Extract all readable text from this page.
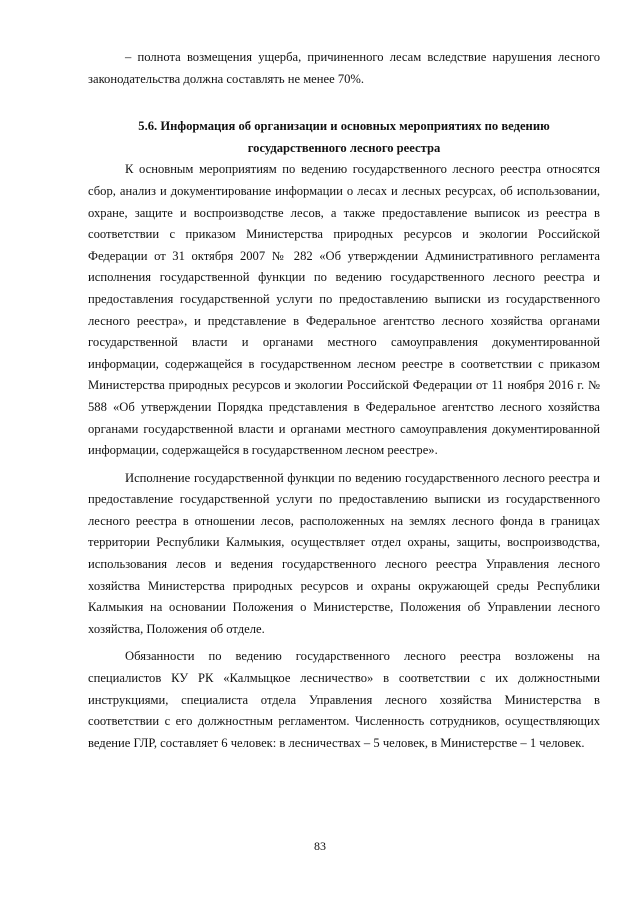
– полнота возмещения ущерба, причиненного лесам вследствие нарушения лесного законодательства должна составлять не менее 70%.

5.6. Информация об организации и основных мероприятиях по ведению
государственного лесного реестра

К основным мероприятиям по ведению государственного лесного реестра относятся сбор, анализ и документирование информации о лесах и лесных ресурсах, об использовании, охране, защите и воспроизводстве лесов, а также предоставление выписок из реестра в соответствии с приказом Министерства природных ресурсов и экологии Российской Федерации от 31 октября 2007 № 282 «Об утверждении Административного регламента исполнения государственной функции по ведению государственного лесного реестра и предоставления государственной услуги по предоставлению выписки из государственного лесного реестра», и представление в Федеральное агентство лесного хозяйства органами государственной власти и органами местного самоуправления документированной информации, содержащейся в государственном лесном реестре в соответствии с приказом Министерства природных ресурсов и экологии Российской Федерации от 11 ноября 2016 г. № 588 «Об утверждении Порядка представления в Федеральное агентство лесного хозяйства органами государственной власти и органами местного самоуправления документированной информации, содержащейся в государственном лесном реестре».

Исполнение государственной функции по ведению государственного лесного реестра и предоставление государственной услуги по предоставлению выписки из государственного лесного реестра в отношении лесов, расположенных на землях лесного фонда в границах территории Республики Калмыкия, осуществляет отдел охраны, защиты, воспроизводства, использования лесов и ведения государственного лесного реестра Управления лесного хозяйства Министерства природных ресурсов и охраны окружающей среды Республики Калмыкия на основании Положения о Министерстве, Положения об Управлении лесного хозяйства, Положения об отделе.

Обязанности по ведению государственного лесного реестра возложены на специалистов КУ РК «Калмыцкое лесничество» в соответствии с их должностными инструкциями, специалиста отдела Управления лесного хозяйства Министерства в соответствии с его должностным регламентом. Численность сотрудников, осуществляющих ведение ГЛР, составляет 6 человек: в лесничествах – 5 человек, в Министерстве – 1 человек.

83
